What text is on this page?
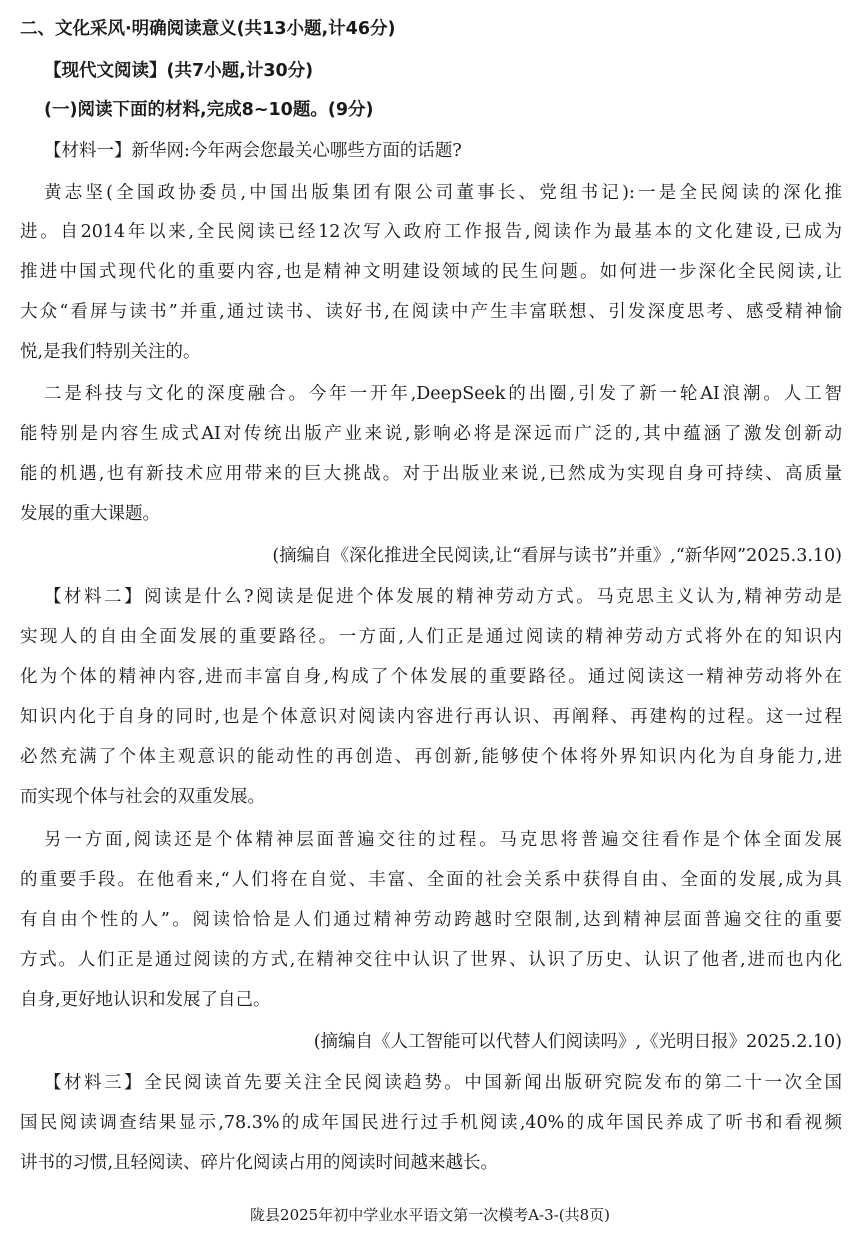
二、文化采风·明确阅读意义(共13小题,计46分)
【现代文阅读】(共7小题,计30分)
(一)阅读下面的材料,完成8~10题。(9分)
【材料一】新华网:今年两会您最关心哪些方面的话题?
黄志坚(全国政协委员,中国出版集团有限公司董事长、党组书记):一是全民阅读的深化推
进。自2014年以来,全民阅读已经12次写入政府工作报告,阅读作为最基本的文化建设,已成为
推进中国式现代化的重要内容,也是精神文明建设领域的民生问题。如何进一步深化全民阅读,让
大众“看屏与读书”并重,通过读书、读好书,在阅读中产生丰富联想、引发深度思考、感受精神愉
悦,是我们特别关注的。
二是科技与文化的深度融合。今年一开年,DeepSeek的出圈,引发了新一轮AI浪潮。人工智
能特别是内容生成式AI对传统出版产业来说,影响必将是深远而广泛的,其中蕴涵了激发创新动
能的机遇,也有新技术应用带来的巨大挑战。对于出版业来说,已然成为实现自身可持续、高质量
发展的重大课题。
(摘编自《深化推进全民阅读,让“看屏与读书”并重》,“新华网”2025.3.10)
【材料二】阅读是什么?阅读是促进个体发展的精神劳动方式。马克思主义认为,精神劳动是
实现人的自由全面发展的重要路径。一方面,人们正是通过阅读的精神劳动方式将外在的知识内
化为个体的精神内容,进而丰富自身,构成了个体发展的重要路径。通过阅读这一精神劳动将外在
知识内化于自身的同时,也是个体意识对阅读内容进行再认识、再阐释、再建构的过程。这一过程
必然充满了个体主观意识的能动性的再创造、再创新,能够使个体将外界知识内化为自身能力,进
而实现个体与社会的双重发展。
另一方面,阅读还是个体精神层面普遍交往的过程。马克思将普遍交往看作是个体全面发展
的重要手段。在他看来,“人们将在自觉、丰富、全面的社会关系中获得自由、全面的发展,成为具
有自由个性的人”。阅读恰恰是人们通过精神劳动跨越时空限制,达到精神层面普遍交往的重要
方式。人们正是通过阅读的方式,在精神交往中认识了世界、认识了历史、认识了他者,进而也内化
自身,更好地认识和发展了自己。
(摘编自《人工智能可以代替人们阅读吗》,《光明日报》2025.2.10)
【材料三】全民阅读首先要关注全民阅读趋势。中国新闻出版研究院发布的第二十一次全国
国民阅读调查结果显示,78.3%的成年国民进行过手机阅读,40%的成年国民养成了听书和看视频
讲书的习惯,且轻阅读、碎片化阅读占用的阅读时间越来越长。
陇县2025年初中学业水平语文第一次模考A-3-(共8页)
